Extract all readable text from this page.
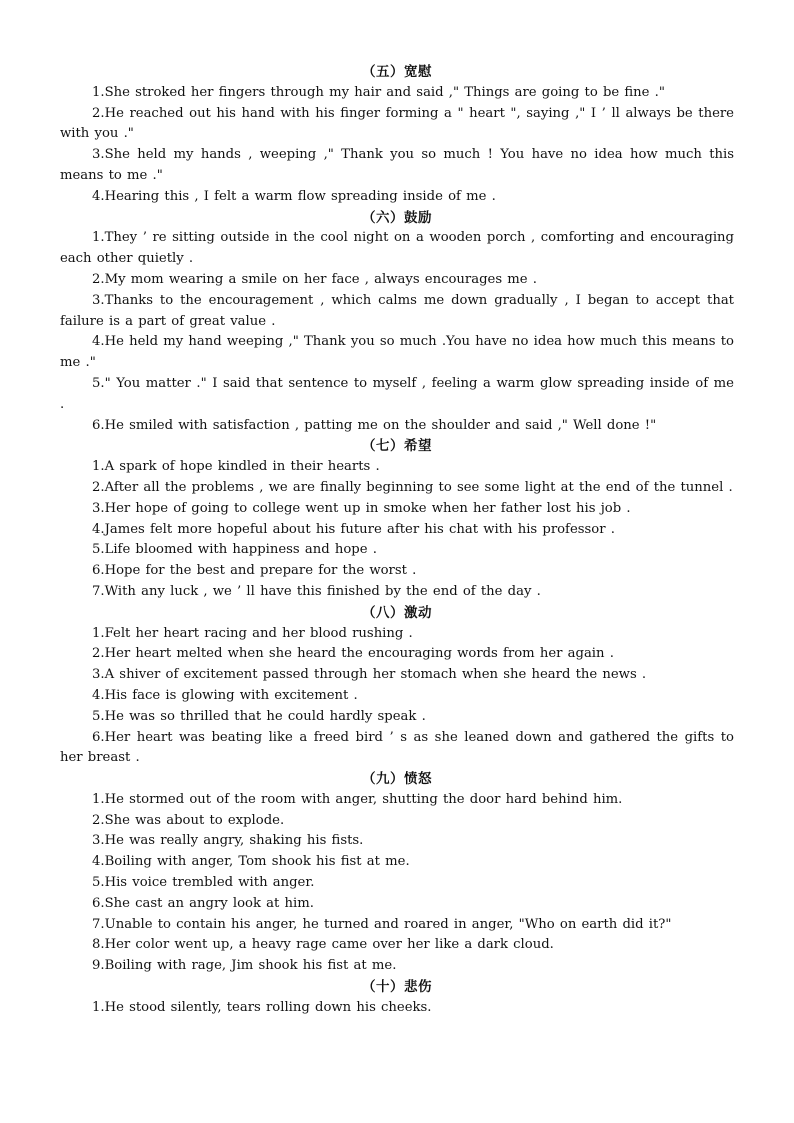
（五）宽慰

1.She stroked her fingers through my hair and said ," Things are going to be fine ."

2.He reached out his hand with his finger forming a " heart ", saying ," I ’ ll always be there with you ."

3.She held my hands , weeping ," Thank you so much ! You have no idea how much this means to me ."

4.Hearing this , I felt a warm flow spreading inside of me .

（六）鼓励

1.They ’ re sitting outside in the cool night on a wooden porch , comforting and encouraging each other quietly .

2.My mom wearing a smile on her face , always encourages me .

3.Thanks to the encouragement , which calms me down gradually , I began to accept that failure is a part of great value .

4.He held my hand weeping ," Thank you so much .You have no idea how much this means to me ."

5." You matter ." I said that sentence to myself , feeling a warm glow spreading inside of me .

6.He smiled with satisfaction , patting me on the shoulder and said ," Well done !"

（七）希望

1.A spark of hope kindled in their hearts .

2.After all the problems , we are finally beginning to see some light at the end of the tunnel .

3.Her hope of going to college went up in smoke when her father lost his job .

4.James felt more hopeful about his future after his chat with his professor .

5.Life bloomed with happiness and hope .

6.Hope for the best and prepare for the worst .

7.With any luck , we ’ ll have this finished by the end of the day .

（八）激动

1.Felt her heart racing and her blood rushing .

2.Her heart melted when she heard the encouraging words from her again .

3.A shiver of excitement passed through her stomach when she heard the news .

4.His face is glowing with excitement .

5.He was so thrilled that he could hardly speak .

6.Her heart was beating like a freed bird ’ s as she leaned down and gathered the gifts to her breast .

（九）愤怒

1.He stormed out of the room with anger, shutting the door hard behind him.

2.She was about to explode.

3.He was really angry, shaking his fists.

4.Boiling with anger, Tom shook his fist at me.

5.His voice trembled with anger.

6.She cast an angry look at him.

7.Unable to contain his anger, he turned and roared in anger, "Who on earth did it?"

8.Her color went up, a heavy rage came over her like a dark cloud.

9.Boiling with rage, Jim shook his fist at me.

（十）悲伤

1.He stood silently, tears rolling down his cheeks.
